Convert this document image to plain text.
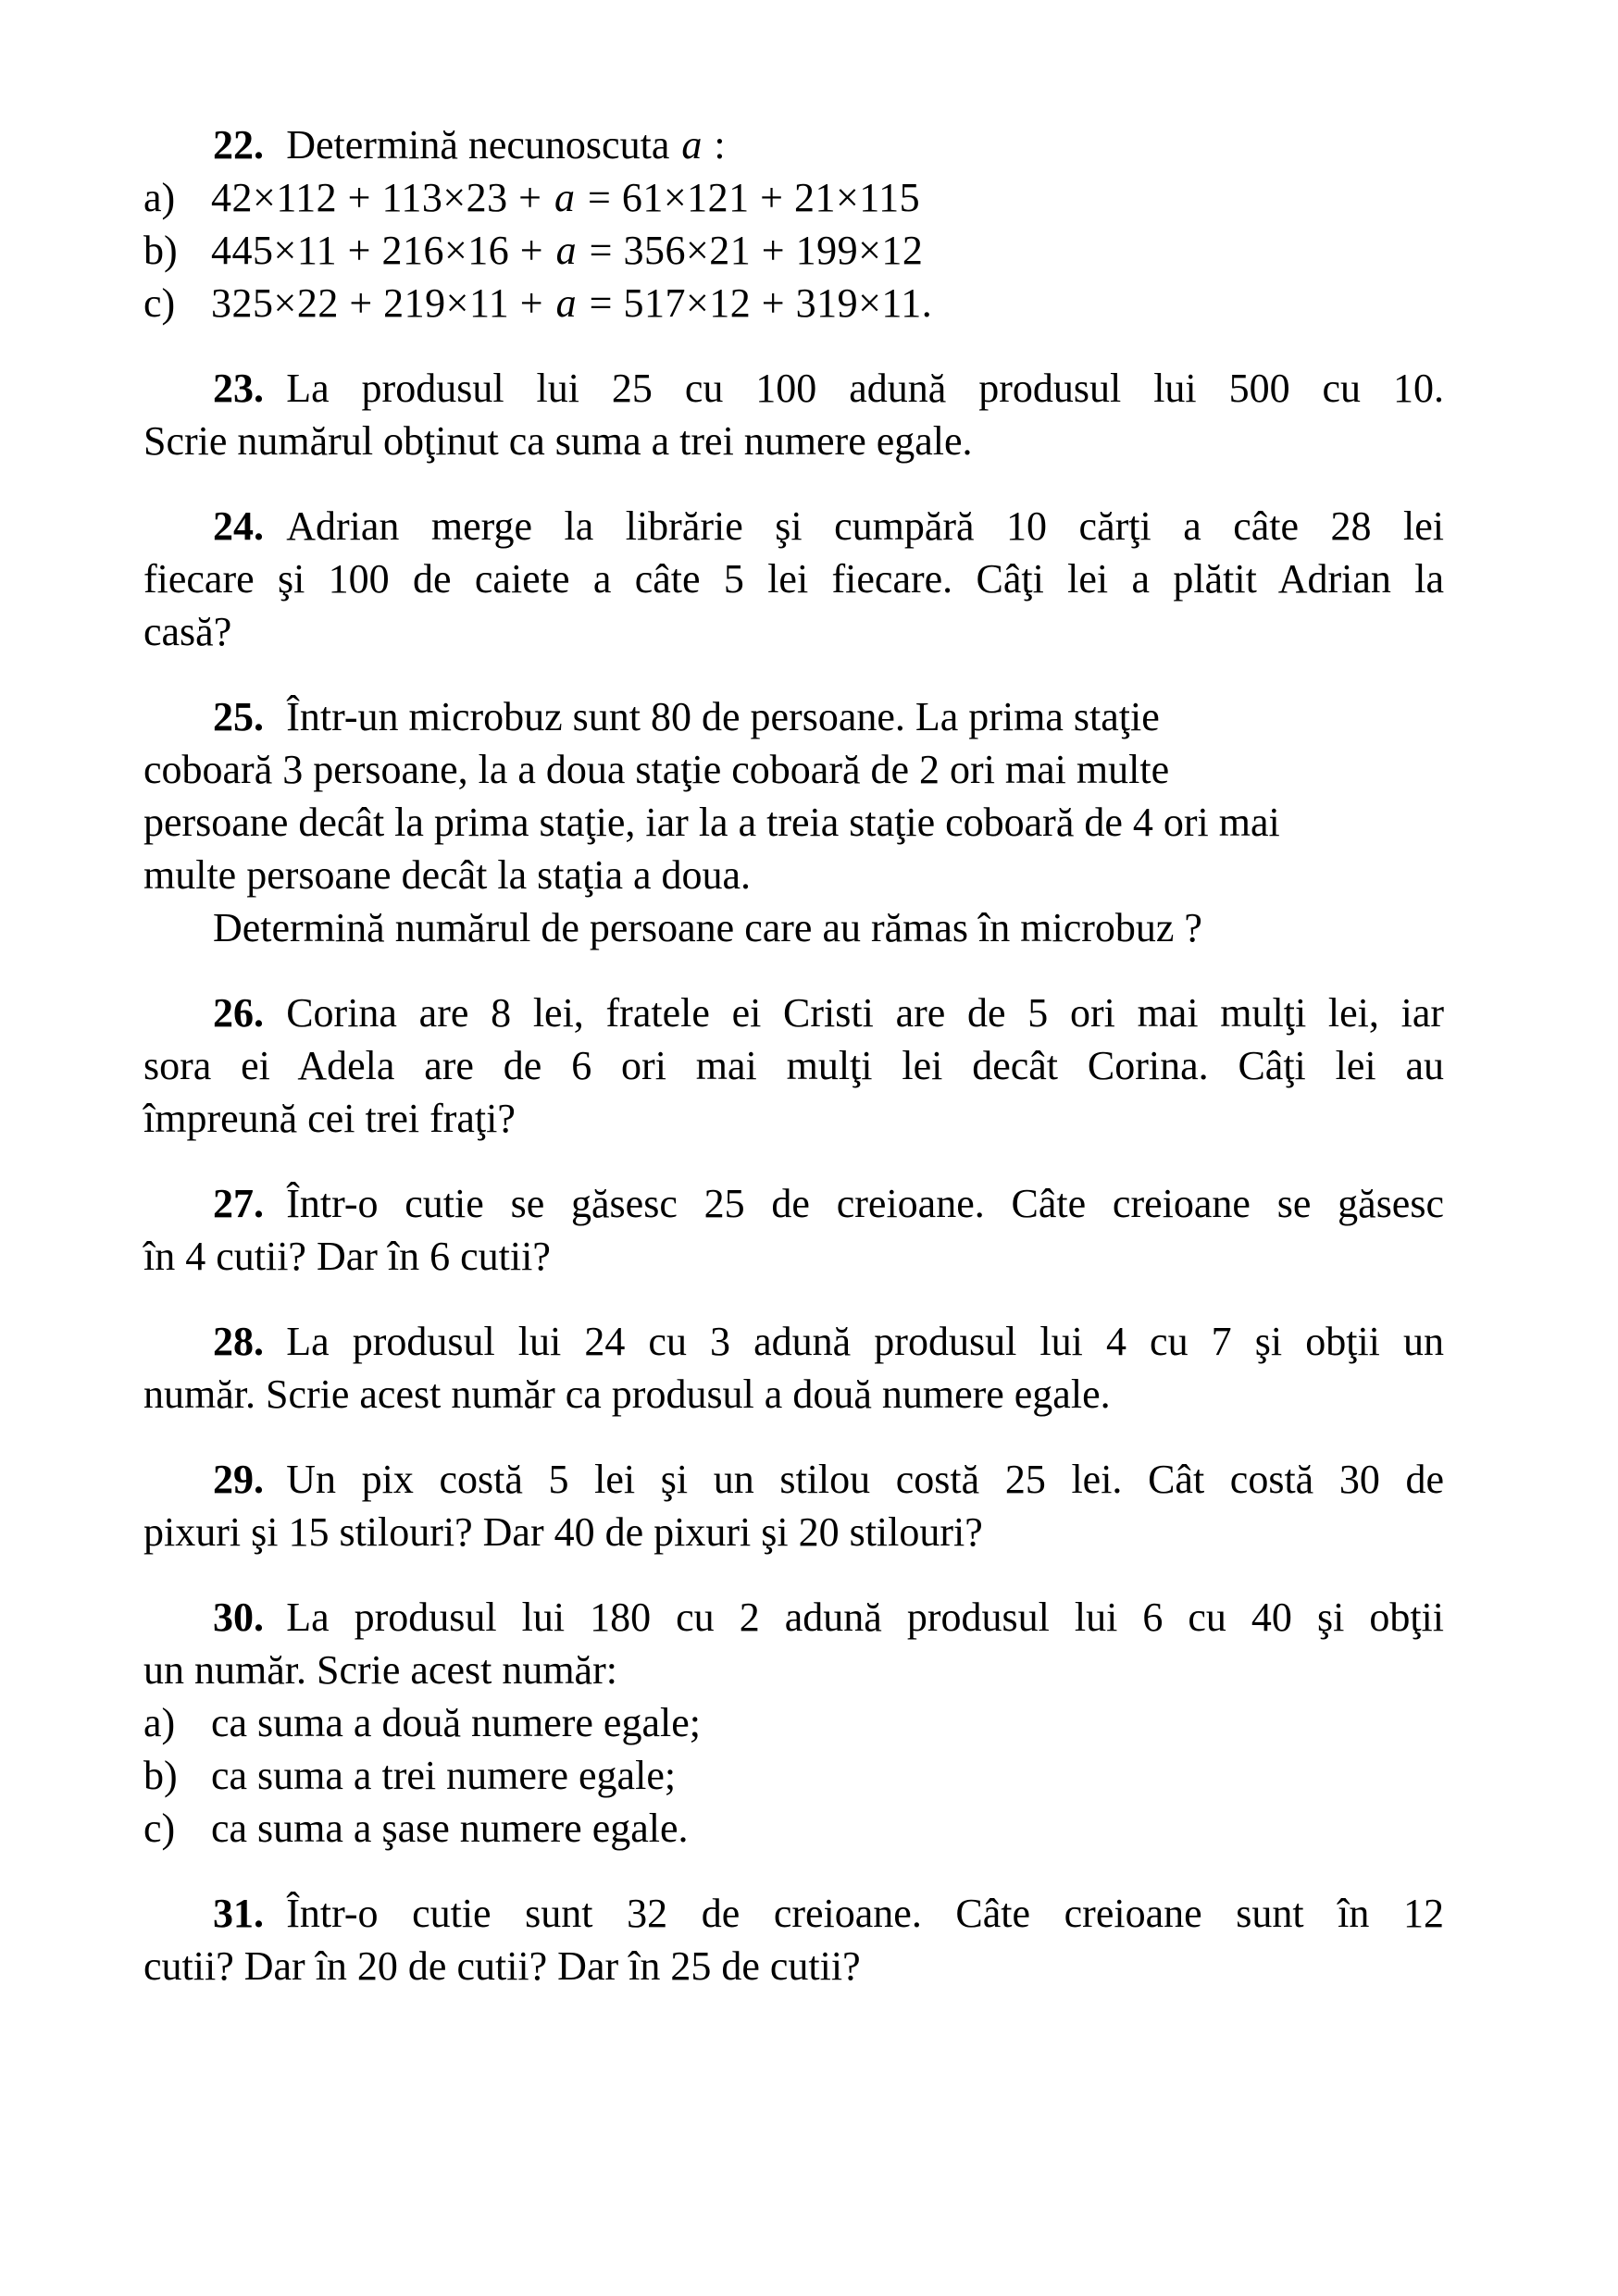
22. Determină necunoscuta a :
a) 42×112 + 113×23 + a = 61×121 + 21×115
b) 445×11 + 216×16 + a = 356×21 + 199×12
c) 325×22 + 219×11 + a = 517×12 + 319×11.
23. La produsul lui 25 cu 100 adună produsul lui 500 cu 10.
Scrie numărul obţinut ca suma a trei numere egale.
24. Adrian merge la librărie şi cumpără 10 cărţi a câte 28 lei
fiecare şi 100 de caiete a câte 5 lei fiecare. Câţi lei a plătit Adrian la
casă?
25. Într-un microbuz sunt 80 de persoane. La prima staţie
coboară 3 persoane, la a doua staţie coboară de 2 ori mai multe
persoane decât la prima staţie, iar la a treia staţie coboară de 4 ori mai
multe persoane decât la staţia a doua.
Determină numărul de persoane care au rămas în microbuz ?
26. Corina are 8 lei, fratele ei Cristi are de 5 ori mai mulţi lei, iar
sora ei Adela are de 6 ori mai mulţi lei decât Corina. Câţi lei au
împreună cei trei fraţi?
27. Într-o cutie se găsesc 25 de creioane. Câte creioane se găsesc
în 4 cutii? Dar în 6 cutii?
28. La produsul lui 24 cu 3 adună produsul lui 4 cu 7 şi obţii un
număr. Scrie acest număr ca produsul a două numere egale.
29. Un pix costă 5 lei şi un stilou costă 25 lei. Cât costă 30 de
pixuri şi 15 stilouri? Dar 40 de pixuri şi 20 stilouri?
30. La produsul lui 180 cu 2 adună produsul lui 6 cu 40 şi obţii
un număr. Scrie acest număr:
a) ca suma a două numere egale;
b) ca suma a trei numere egale;
c) ca suma a şase numere egale.
31. Într-o cutie sunt 32 de creioane. Câte creioane sunt în 12
cutii? Dar în 20 de cutii? Dar în 25 de cutii?
